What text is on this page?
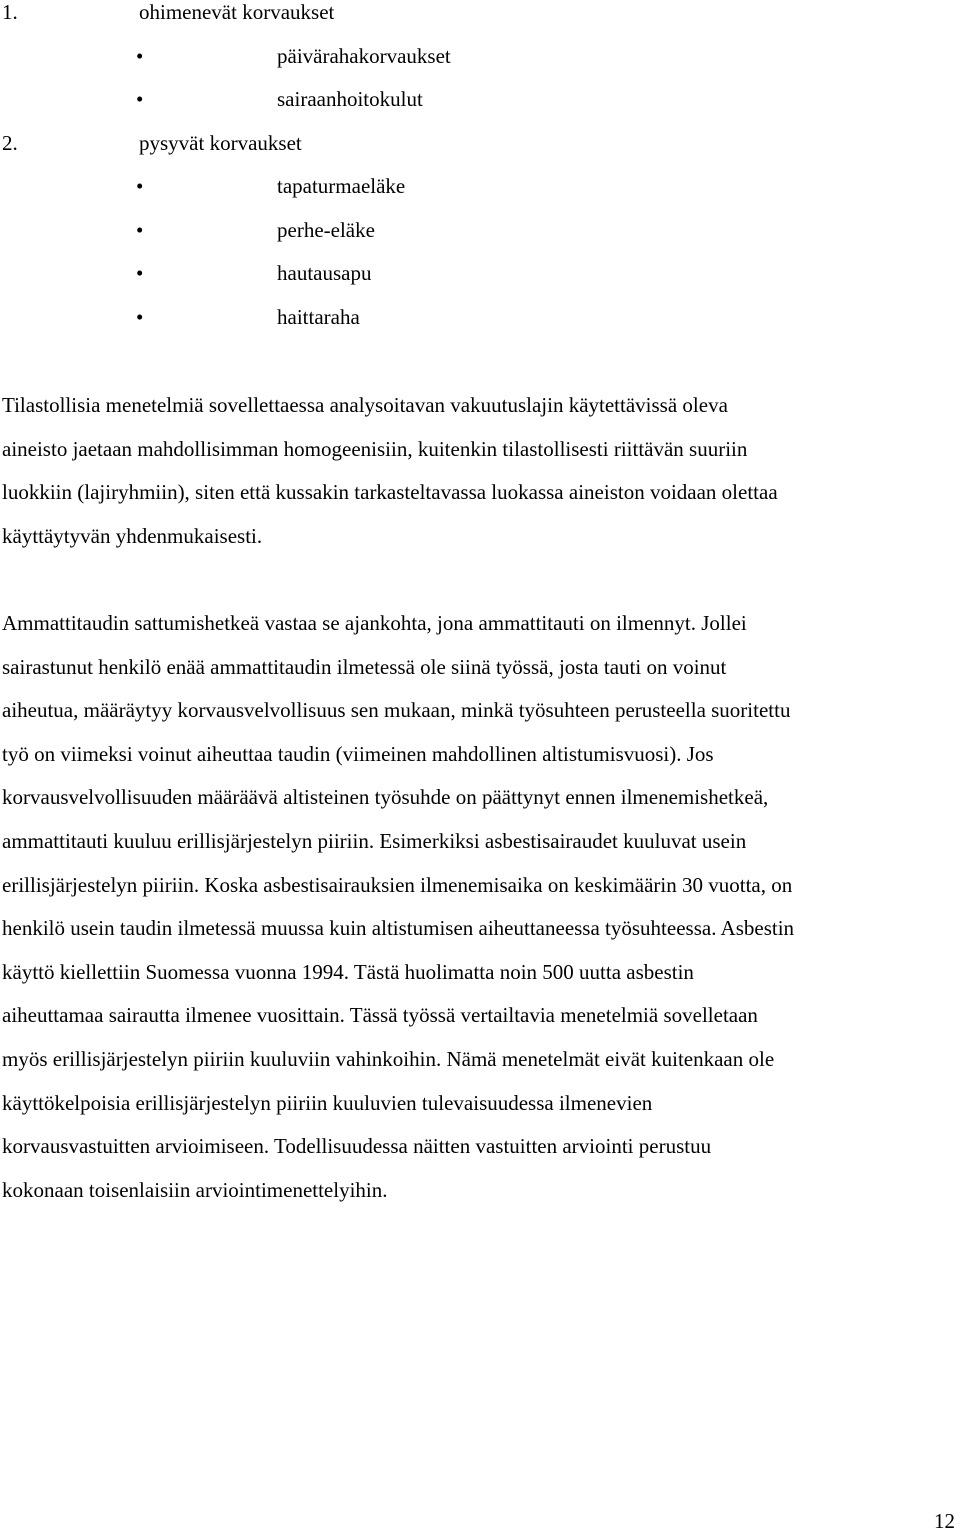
1.	ohimenevät korvaukset
•	päivärahakorvaukset
•	sairaanhoitokulut
2.	pysyvät korvaukset
•	tapaturmaeläke
•	perhe-eläke
•	hautausapu
•	haittaraha
Tilastollisia menetelmiä sovellettaessa analysoitavan vakuutuslajin käytettävissä oleva
aineisto jaetaan mahdollisimman homogeenisiin, kuitenkin tilastollisesti riittävän suuriin
luokkiin (lajiryhmiin), siten että kussakin tarkasteltavassa luokassa aineiston voidaan olettaa
käyttäytyvän yhdenmukaisesti.
Ammattitaudin sattumishetkeä vastaa se ajankohta, jona ammattitauti on ilmennyt. Jollei
sairastunut henkilö enää ammattitaudin ilmetessä ole siinä työssä, josta tauti on voinut
aiheutua, määräytyy korvausvelvollisuus sen mukaan, minkä työsuhteen perusteella suoritettu
työ on viimeksi voinut aiheuttaa taudin (viimeinen mahdollinen altistumisvuosi). Jos
korvausvelvollisuuden määräävä altisteinen työsuhde on päättynyt ennen ilmenemishetkeä,
ammattitauti kuuluu erillisjärjestelyn piiriin. Esimerkiksi asbestisairaudet kuuluvat usein
erillisjärjestelyn piiriin. Koska asbestisairauksien ilmenemisaika on keskimäärin 30 vuotta, on
henkilö usein taudin ilmetessä muussa kuin altistumisen aiheuttaneessa työsuhteessa. Asbestin
käyttö kiellettiin Suomessa vuonna 1994. Tästä huolimatta noin 500 uutta asbestin
aiheuttamaa sairautta ilmenee vuosittain. Tässä työssä vertailtavia menetelmiä sovelletaan
myös erillisjärjestelyn piiriin kuuluviin vahinkoihin. Nämä menetelmät eivät kuitenkaan ole
käyttökelpoisia erillisjärjestelyn piiriin kuuluvien tulevaisuudessa ilmenevien
korvausvastuitten arvioimiseen. Todellisuudessa näitten vastuitten arviointi perustuu
kokonaan toisenlaisiin arviointimenettelyihin.
12
